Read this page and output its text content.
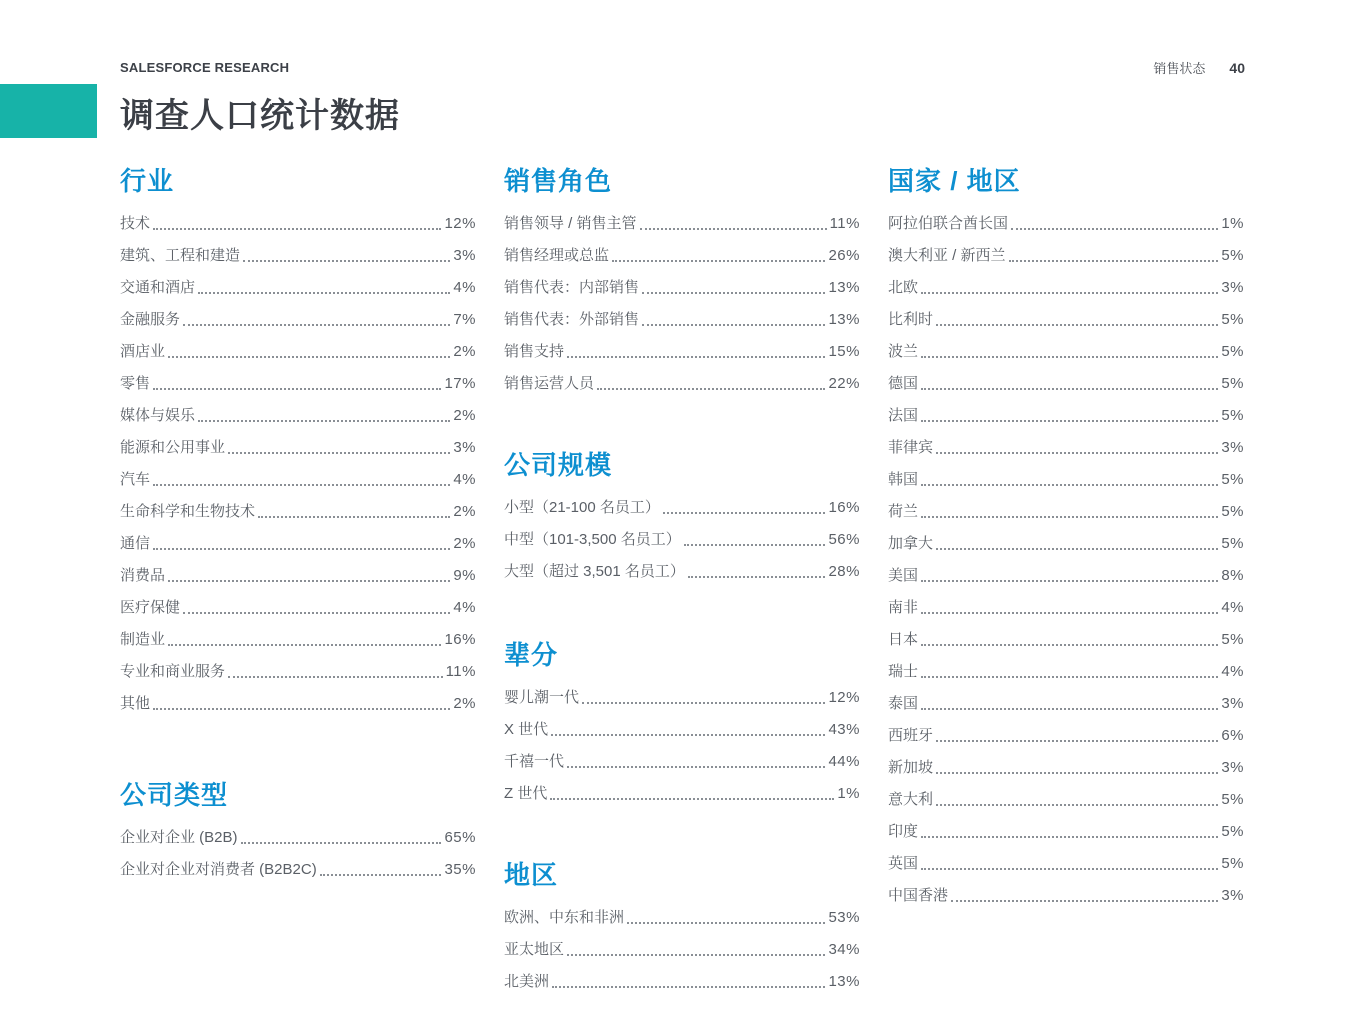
SALESFORCE RESEARCH	销售状态 40
调查人口统计数据
行业
技术	12%
建筑、工程和建造	3%
交通和酒店	4%
金融服务	7%
酒店业	2%
零售	17%
媒体与娱乐	2%
能源和公用事业	3%
汽车	4%
生命科学和生物技术	2%
通信	2%
消费品	9%
医疗保健	4%
制造业	16%
专业和商业服务	11%
其他	2%
公司类型
企业对企业 (B2B)	65%
企业对企业对消费者 (B2B2C)	35%
销售角色
销售领导 / 销售主管	11%
销售经理或总监	26%
销售代表：内部销售	13%
销售代表：外部销售	13%
销售支持	15%
销售运营人员	22%
公司规模
小型（21-100 名员工）	16%
中型（101-3,500 名员工）	56%
大型（超过 3,501 名员工）	28%
辈分
婴儿潮一代	12%
X 世代	43%
千禧一代	44%
Z 世代	1%
地区
欧洲、中东和非洲	53%
亚太地区	34%
北美洲	13%
国家 / 地区
阿拉伯联合酋长国	1%
澳大利亚 / 新西兰	5%
北欧	3%
比利时	5%
波兰	5%
德国	5%
法国	5%
菲律宾	3%
韩国	5%
荷兰	5%
加拿大	5%
美国	8%
南非	4%
日本	5%
瑞士	4%
泰国	3%
西班牙	6%
新加坡	3%
意大利	5%
印度	5%
英国	5%
中国香港	3%
